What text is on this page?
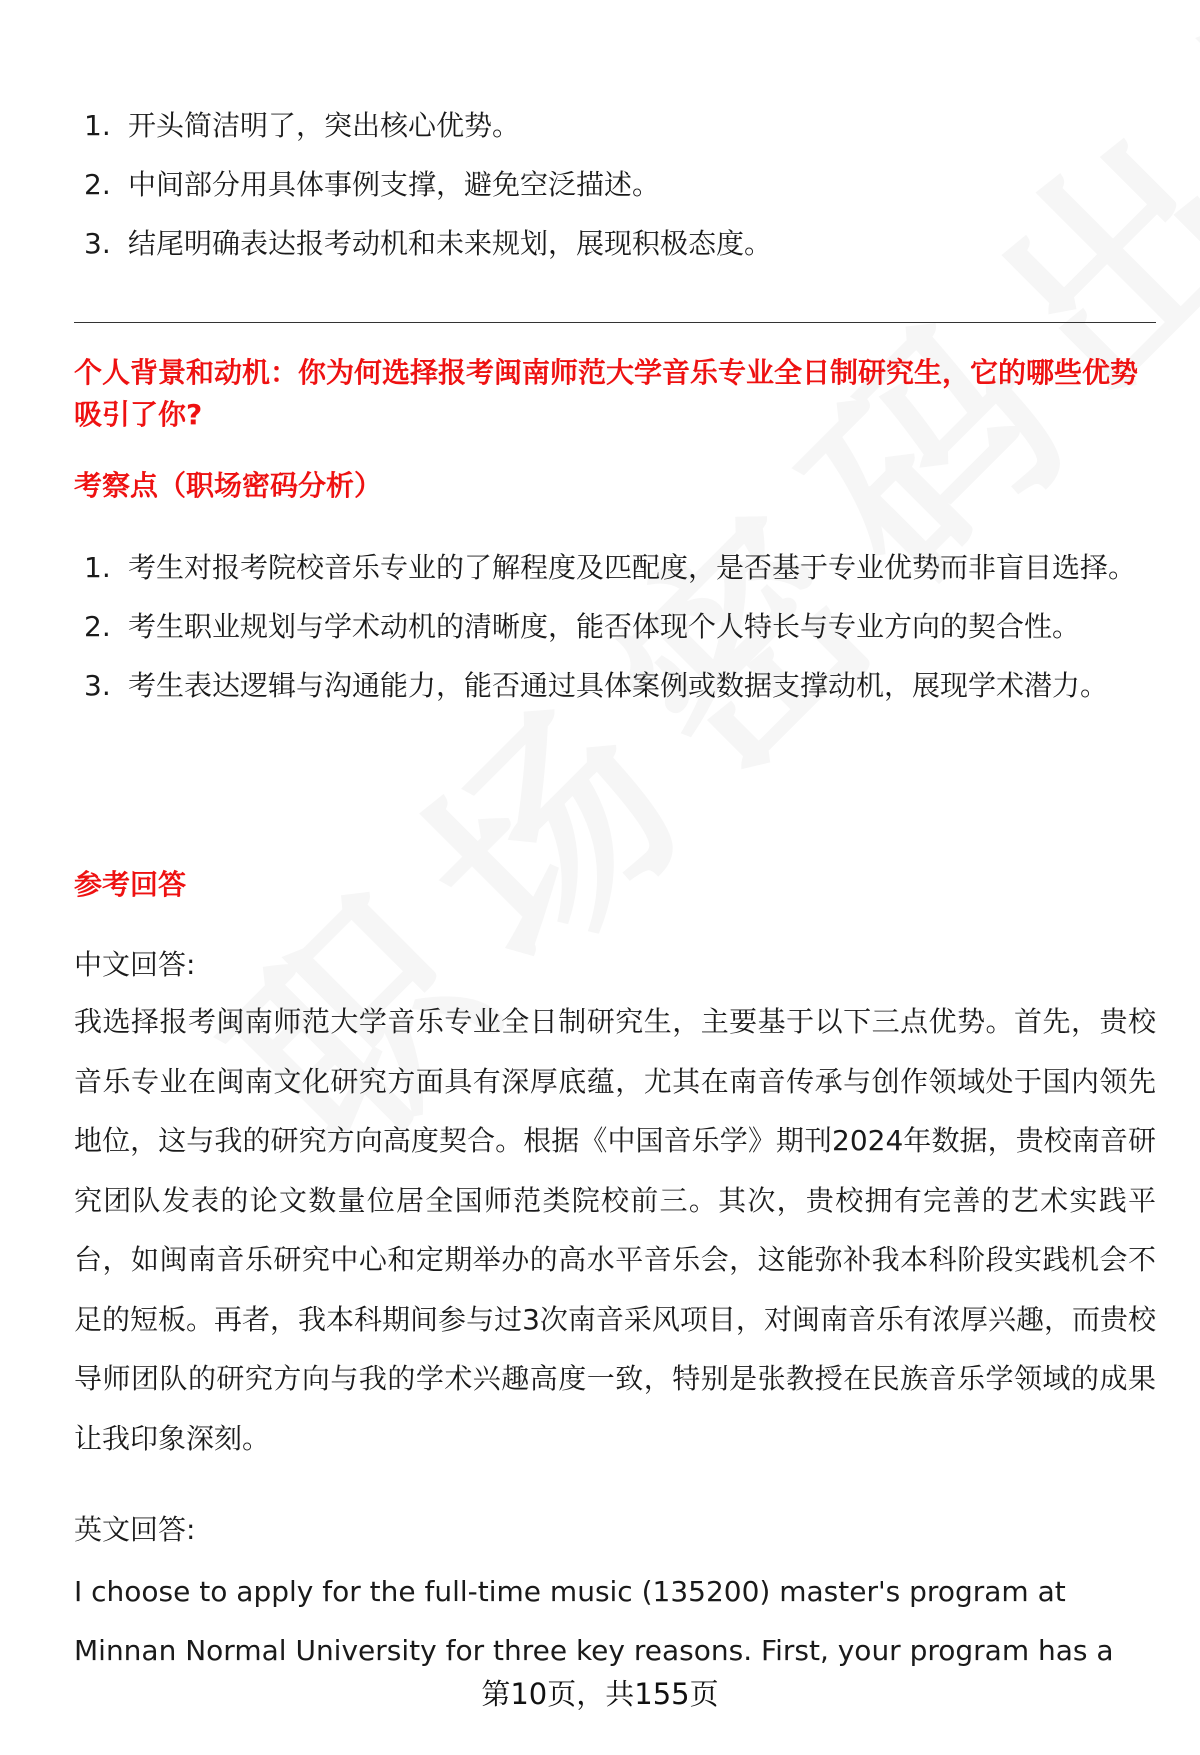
1. 开头简洁明了，突出核心优势。
2. 中间部分用具体事例支撑，避免空泛描述。
3. 结尾明确表达报考动机和未来规划，展现积极态度。
个人背景和动机：你为何选择报考闽南师范大学音乐专业全日制研究生，它的哪些优势吸引了你?
考察点（职场密码分析）
1. 考生对报考院校音乐专业的了解程度及匹配度，是否基于专业优势而非盲目选择。
2. 考生职业规划与学术动机的清晰度，能否体现个人特长与专业方向的契合性。
3. 考生表达逻辑与沟通能力，能否通过具体案例或数据支撑动机，展现学术潜力。
参考回答
中文回答:
我选择报考闽南师范大学音乐专业全日制研究生，主要基于以下三点优势。首先，贵校音乐专业在闽南文化研究方面具有深厚底蕴，尤其在南音传承与创作领域处于国内领先地位，这与我的研究方向高度契合。根据《中国音乐学》期刊2024年数据，贵校南音研究团队发表的论文数量位居全国师范类院校前三。其次，贵校拥有完善的艺术实践平台，如闽南音乐研究中心和定期举办的高水平音乐会，这能弥补我本科阶段实践机会不足的短板。再者，我本科期间参与过3次南音采风项目，对闽南音乐有浓厚兴趣，而贵校导师团队的研究方向与我的学术兴趣高度一致，特别是张教授在民族音乐学领域的成果让我印象深刻。
英文回答:
I choose to apply for the full-time music (135200) master's program at Minnan Normal University for three key reasons. First, your program has a
第10页，共155页
